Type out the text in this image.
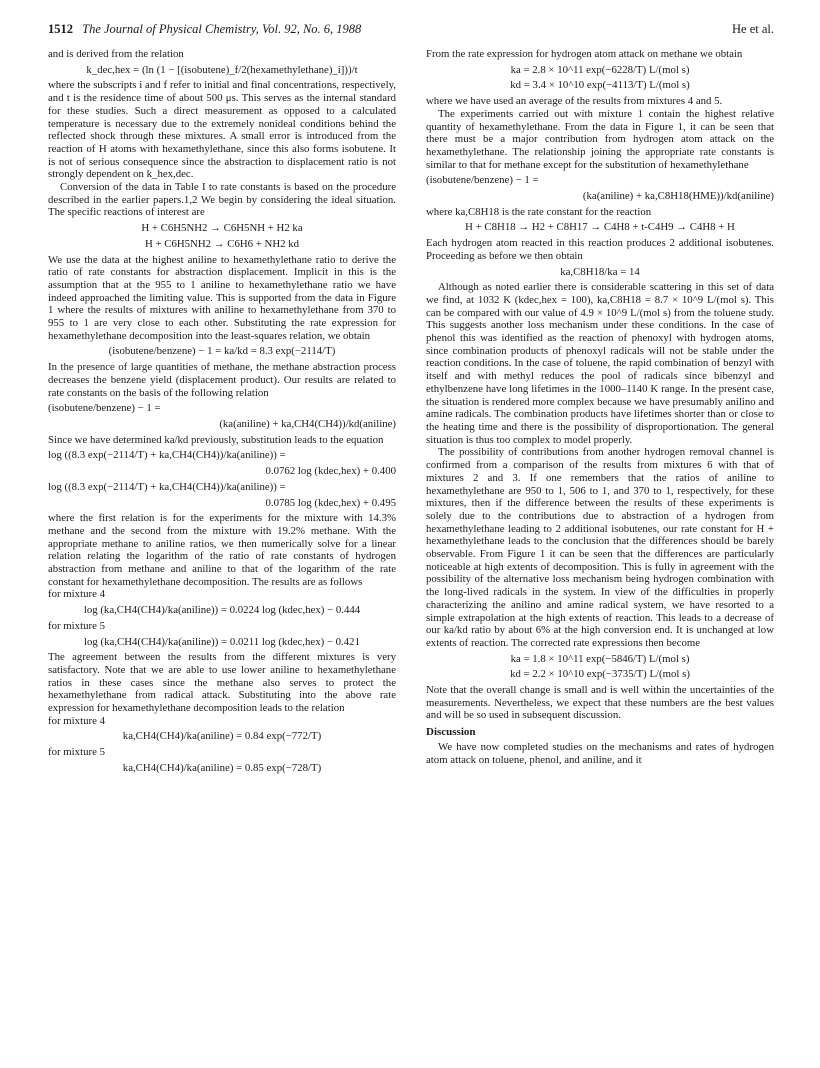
1512 The Journal of Physical Chemistry, Vol. 92, No. 6, 1988	He et al.

and is derived from the relation

k_dec,hex = (ln (1 − [(isobutene)_f/2(hexamethylethane)_i]))/t

where the subscripts i and f refer to initial and final concentrations, respectively, and t is the residence time of about 500 μs. This serves as the internal standard for these studies. Such a direct measurement as opposed to a calculated temperature is necessary due to the extremely nonideal conditions behind the reflected shock through these mixtures. A small error is introduced from the reaction of H atoms with hexamethylethane, since this also forms isobutene. It is not of serious consequence since the abstraction to displacement ratio is not strongly dependent on k_hex,dec.

Conversion of the data in Table I to rate constants is based on the procedure described in the earlier papers.1,2 We begin by considering the ideal situation. The specific reactions of interest are

H + C6H5NH2 → C6H5NH + H2 ka
H + C6H5NH2 → C6H6 + NH2 kd

We use the data at the highest aniline to hexamethylethane ratio to derive the ratio of rate constants for abstraction displacement. Implicit in this is the assumption that at the 955 to 1 aniline to hexamethylethane ratio we have indeed approached the limiting value. This is supported from the data in Figure 1 where the results of mixtures with aniline to hexamethylethane from 370 to 955 to 1 are very close to each other. Substituting the rate expression for hexamethylethane decomposition into the least-squares relation, we obtain

(isobutene/benzene) − 1 = ka/kd = 8.3 exp(−2114/T)

In the presence of large quantities of methane, the methane abstraction process decreases the benzene yield (displacement product). Our results are related to rate constants on the basis of the following relation

(isobutene/benzene) − 1 =
(ka(aniline) + ka,CH4(CH4))/kd(aniline)

Since we have determined ka/kd previously, substitution leads to the equation

log ((8.3 exp(−2114/T) + ka,CH4(CH4))/ka(aniline)) =
0.0762 log (kdec,hex) + 0.400
log ((8.3 exp(−2114/T) + ka,CH4(CH4))/ka(aniline)) =
0.0785 log (kdec,hex) + 0.495

where the first relation is for the experiments for the mixture with 14.3% methane and the second from the mixture with 19.2% methane. With the appropriate methane to aniline ratios, we then numerically solve for a linear relation relating the logarithm of the ratio of rate constants of hydrogen abstraction from methane and aniline to that of the logarithm of the rate constant for hexamethylethane decomposition. The results are as follows

for mixture 4

log (ka,CH4(CH4)/ka(aniline)) = 0.0224 log (kdec,hex) − 0.444

for mixture 5

log (ka,CH4(CH4)/ka(aniline)) = 0.0211 log (kdec,hex) − 0.421

The agreement between the results from the different mixtures is very satisfactory. Note that we are able to use lower aniline to hexamethylethane ratios in these cases since the methane also serves to protect the hexamethylethane from radical attack. Substituting into the above rate expression for hexamethylethane decomposition leads to the relation

for mixture 4

ka,CH4(CH4)/ka(aniline) = 0.84 exp(−772/T)

for mixture 5

ka,CH4(CH4)/ka(aniline) = 0.85 exp(−728/T)

From the rate expression for hydrogen atom attack on methane we obtain

ka = 2.8 × 10^11 exp(−6228/T) L/(mol s)
kd = 3.4 × 10^10 exp(−4113/T) L/(mol s)

where we have used an average of the results from mixtures 4 and 5.

The experiments carried out with mixture 1 contain the highest relative quantity of hexamethylethane. From the data in Figure 1, it can be seen that there must be a major contribution from hydrogen atom attack on the hexamethylethane. The relationship joining the appropriate rate constants is similar to that for methane except for the substitution of hexamethylethane

(isobutene/benzene) − 1 =
(ka(aniline) + ka,C8H18(HME))/kd(aniline)

where ka,C8H18 is the rate constant for the reaction

H + C8H18 → H2 + C8H17 → C4H8 + t-C4H9 → C4H8 + H

Each hydrogen atom reacted in this reaction produces 2 additional isobutenes. Proceeding as before we then obtain

ka,C8H18/ka = 14

Although as noted earlier there is considerable scattering in this set of data we find, at 1032 K (kdec,hex = 100), ka,C8H18 = 8.7 × 10^9 L/(mol s). This can be compared with our value of 4.9 × 10^9 L/(mol s) from the toluene study. This suggests another loss mechanism under these conditions. In the case of phenol this was identified as the reaction of phenoxyl with hydrogen atoms, since combination products of phenoxyl radicals will not be stable under the reaction conditions. In the case of toluene, the rapid combination of benzyl with itself and with methyl reduces the pool of radicals since bibenzyl and ethylbenzene have long lifetimes in the 1000–1140 K range. In the present case, the situation is rendered more complex because we have presumably anilino and amine radicals. The combination products have lifetimes shorter than or close to the heating time and there is the possibility of disproportionation. The general situation is thus too complex to model properly.

The possibility of contributions from another hydrogen removal channel is confirmed from a comparison of the results from mixtures 6 with that of mixtures 2 and 3. If one remembers that the ratios of aniline to hexamethylethane are 950 to 1, 506 to 1, and 370 to 1, respectively, for these mixtures, then if the difference between the results of these experiments is solely due to the contributions due to abstraction of a hydrogen from hexamethylethane leading to 2 additional isobutenes, our rate constant for H + hexamethylethane leads to the conclusion that the differences should be barely observable. From Figure 1 it can be seen that the differences are particularly noticeable at high extents of decomposition. This is fully in agreement with the possibility of the alternative loss mechanism being hydrogen combination with the long-lived radicals in the system. In view of the difficulties in properly characterizing the anilino and amine radical system, we have resorted to a simple extrapolation at the high extents of reaction. This leads to a decrease of our ka/kd ratio by about 6% at the high conversion end. It is unchanged at low extents of reaction. The corrected rate expressions then become

ka = 1.8 × 10^11 exp(−5846/T) L/(mol s)
kd = 2.2 × 10^10 exp(−3735/T) L/(mol s)

Note that the overall change is small and is well within the uncertainties of the measurements. Nevertheless, we expect that these numbers are the best values and will be so used in subsequent discussion.

Discussion

We have now completed studies on the mechanisms and rates of hydrogen atom attack on toluene, phenol, and aniline, and it
